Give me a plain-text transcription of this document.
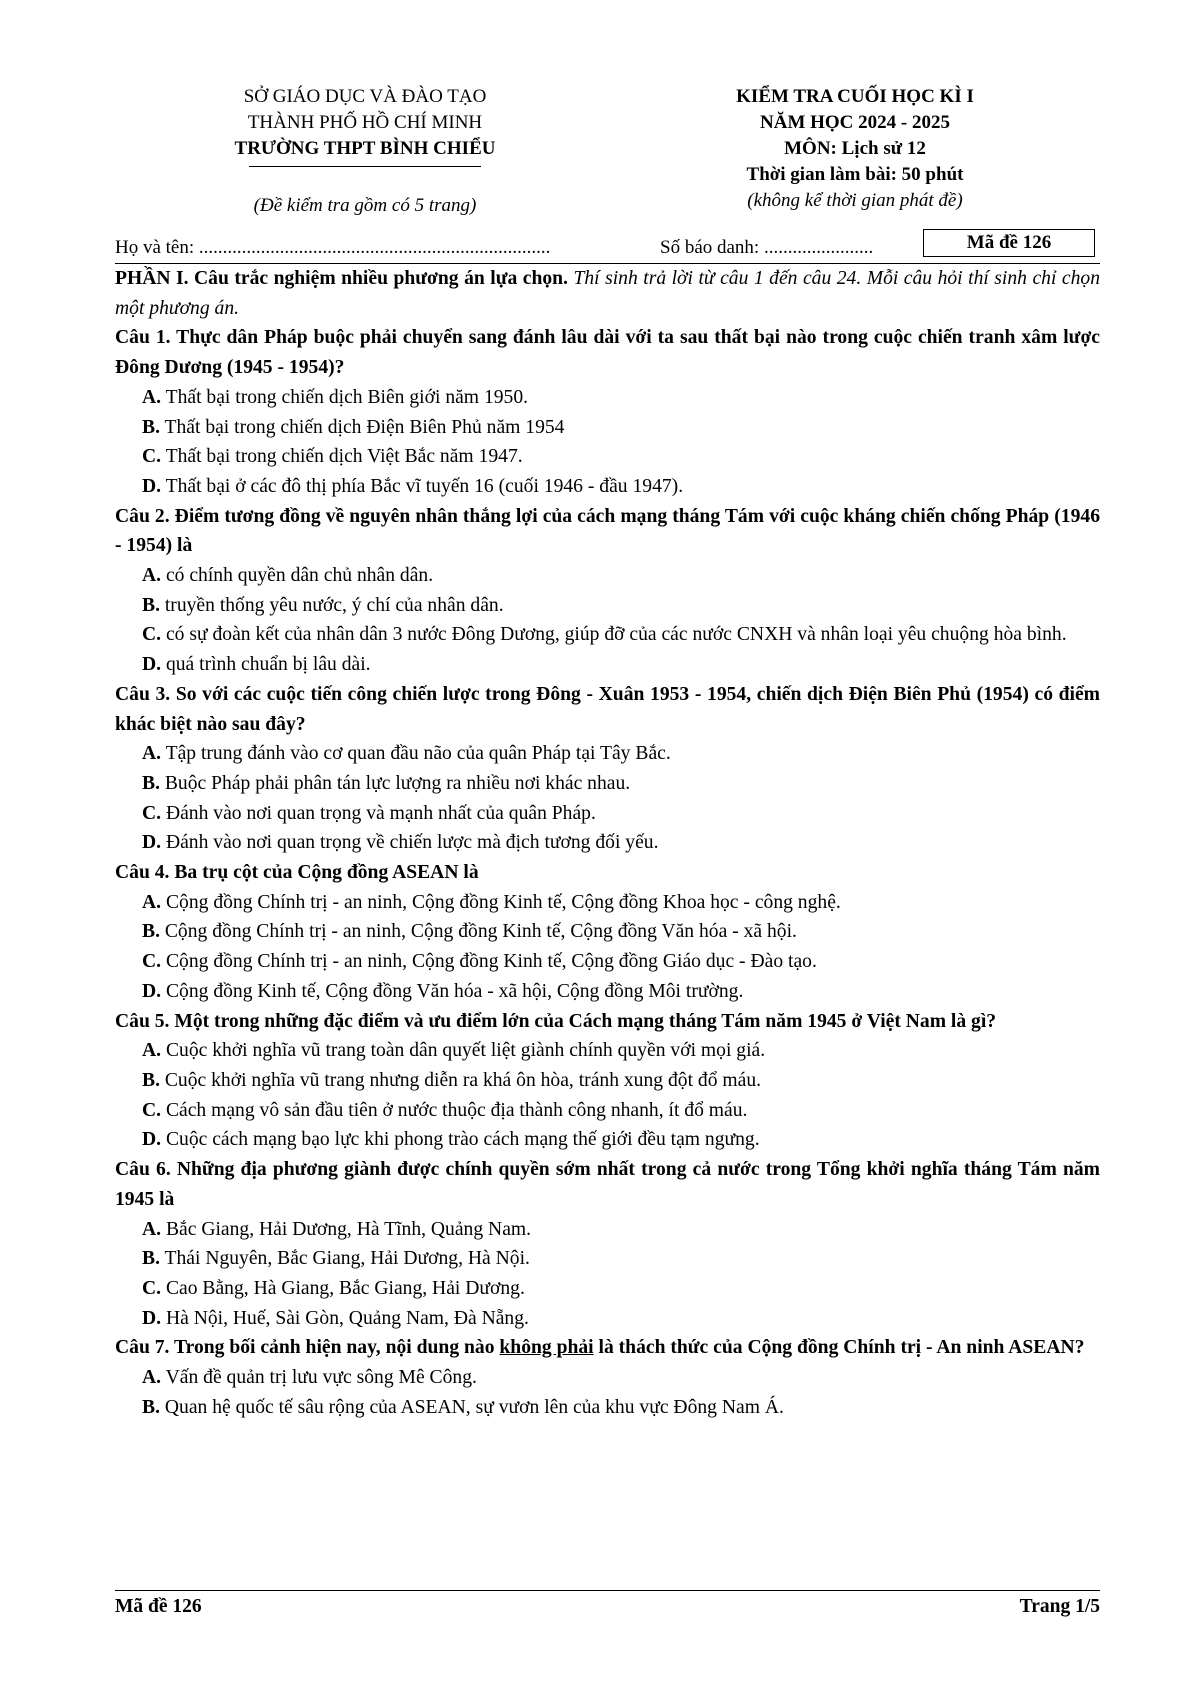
SỞ GIÁO DỤC VÀ ĐÀO TẠO
THÀNH PHỐ HỒ CHÍ MINH
TRƯỜNG THPT BÌNH CHIỂU
(Đề kiểm tra gồm có 5 trang)
KIỂM TRA CUỐI HỌC KÌ I
NĂM HỌC 2024 - 2025
MÔN: Lịch sử 12
Thời gian làm bài: 50 phút
(không kể thời gian phát đề)
Họ và tên: ..........................................................................	Số báo danh: .......................	Mã đề 126
PHẦN I. Câu trắc nghiệm nhiều phương án lựa chọn. Thí sinh trả lời từ câu 1 đến câu 24. Mỗi câu hỏi thí sinh chỉ chọn một phương án.
Câu 1. Thực dân Pháp buộc phải chuyển sang đánh lâu dài với ta sau thất bại nào trong cuộc chiến tranh xâm lược Đông Dương (1945 - 1954)?
A. Thất bại trong chiến dịch Biên giới năm 1950.
B. Thất bại trong chiến dịch Điện Biên Phủ năm 1954
C. Thất bại trong chiến dịch Việt Bắc năm 1947.
D. Thất bại ở các đô thị phía Bắc vĩ tuyến 16 (cuối 1946 - đầu 1947).
Câu 2. Điểm tương đồng về nguyên nhân thắng lợi của cách mạng tháng Tám với cuộc kháng chiến chống Pháp (1946 - 1954) là
A. có chính quyền dân chủ nhân dân.
B. truyền thống yêu nước, ý chí của nhân dân.
C. có sự đoàn kết của nhân dân 3 nước Đông Dương, giúp đỡ của các nước CNXH và nhân loại yêu chuộng hòa bình.
D. quá trình chuẩn bị lâu dài.
Câu 3. So với các cuộc tiến công chiến lược trong Đông - Xuân 1953 - 1954, chiến dịch Điện Biên Phủ (1954) có điểm khác biệt nào sau đây?
A. Tập trung đánh vào cơ quan đầu não của quân Pháp tại Tây Bắc.
B. Buộc Pháp phải phân tán lực lượng ra nhiều nơi khác nhau.
C. Đánh vào nơi quan trọng và mạnh nhất của quân Pháp.
D. Đánh vào nơi quan trọng về chiến lược mà địch tương đối yếu.
Câu 4. Ba trụ cột của Cộng đồng ASEAN là
A. Cộng đồng Chính trị - an ninh, Cộng đồng Kinh tế, Cộng đồng Khoa học - công nghệ.
B. Cộng đồng Chính trị - an ninh, Cộng đồng Kinh tế, Cộng đồng Văn hóa - xã hội.
C. Cộng đồng Chính trị - an ninh, Cộng đồng Kinh tế, Cộng đồng Giáo dục - Đào tạo.
D. Cộng đồng Kinh tế, Cộng đồng Văn hóa - xã hội, Cộng đồng Môi trường.
Câu 5. Một trong những đặc điểm và ưu điểm lớn của Cách mạng tháng Tám năm 1945 ở Việt Nam là gì?
A. Cuộc khởi nghĩa vũ trang toàn dân quyết liệt giành chính quyền với mọi giá.
B. Cuộc khởi nghĩa vũ trang nhưng diễn ra khá ôn hòa, tránh xung đột đổ máu.
C. Cách mạng vô sản đầu tiên ở nước thuộc địa thành công nhanh, ít đổ máu.
D. Cuộc cách mạng bạo lực khi phong trào cách mạng thế giới đều tạm ngưng.
Câu 6. Những địa phương giành được chính quyền sớm nhất trong cả nước trong Tổng khởi nghĩa tháng Tám năm 1945 là
A. Bắc Giang, Hải Dương, Hà Tĩnh, Quảng Nam.
B. Thái Nguyên, Bắc Giang, Hải Dương, Hà Nội.
C. Cao Bằng, Hà Giang, Bắc Giang, Hải Dương.
D. Hà Nội, Huế, Sài Gòn, Quảng Nam, Đà Nẵng.
Câu 7. Trong bối cảnh hiện nay, nội dung nào không phải là thách thức của Cộng đồng Chính trị - An ninh ASEAN?
A. Vấn đề quản trị lưu vực sông Mê Công.
B. Quan hệ quốc tế sâu rộng của ASEAN, sự vươn lên của khu vực Đông Nam Á.
Mã đề 126	Trang 1/5
